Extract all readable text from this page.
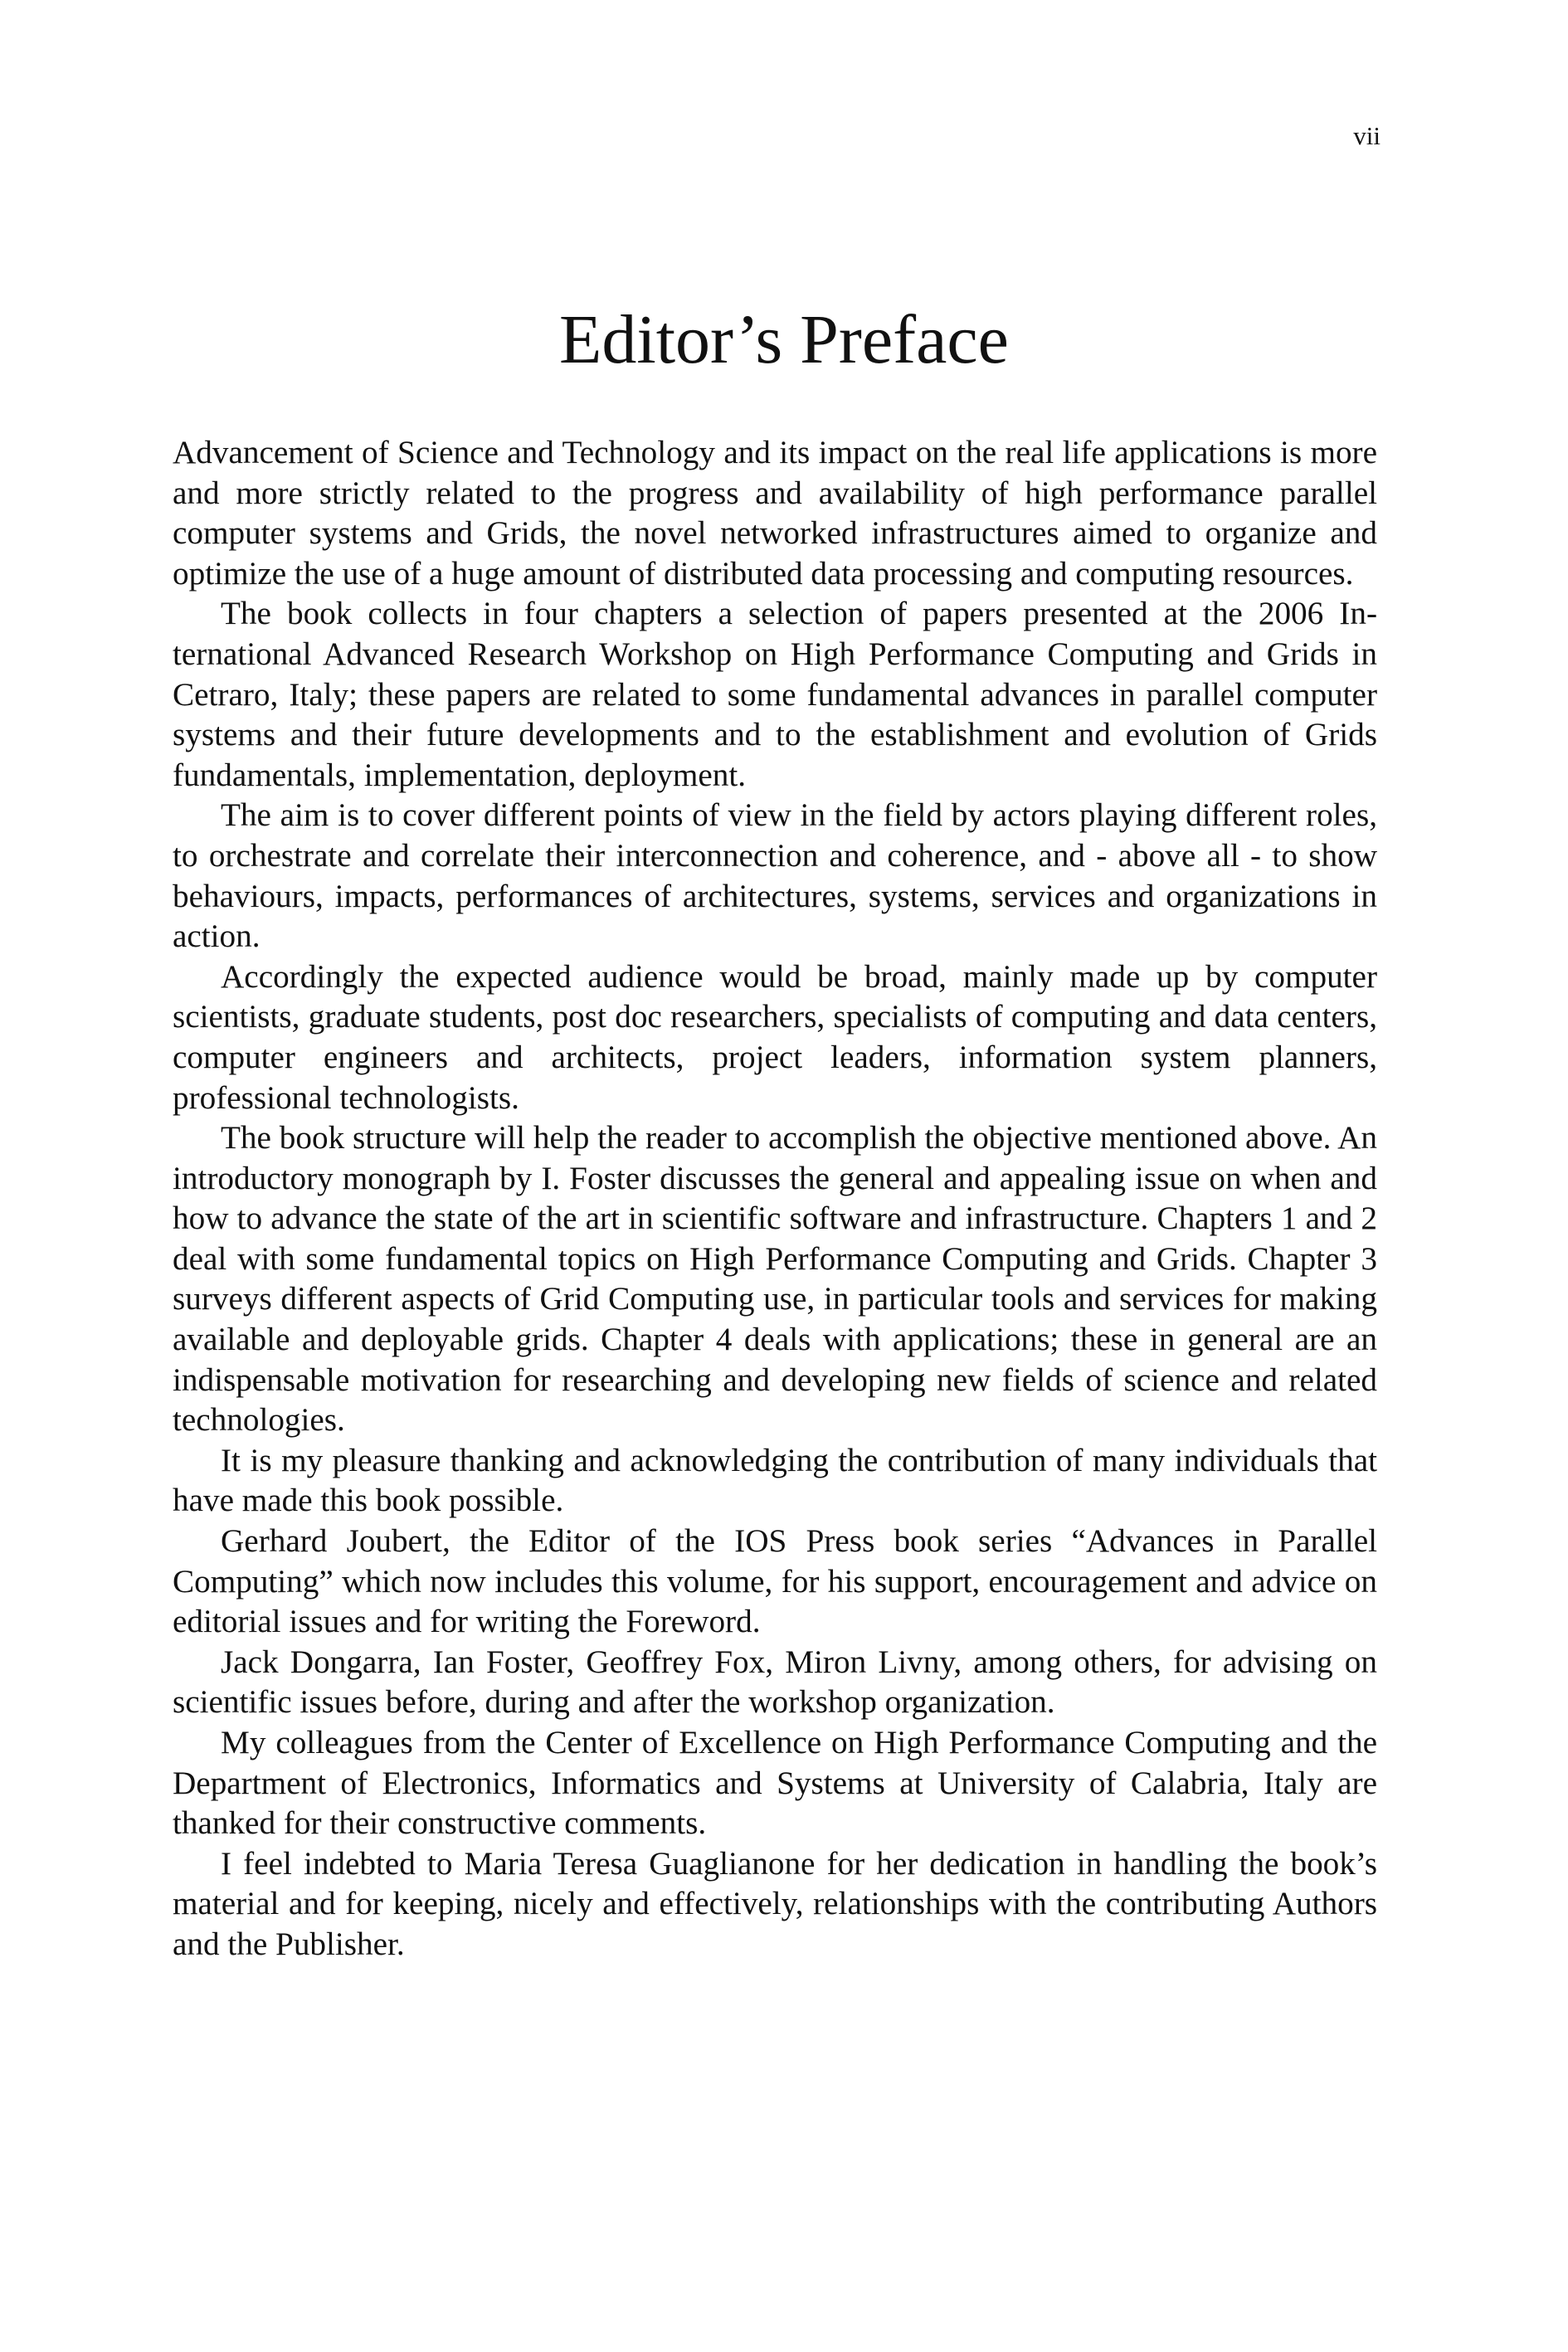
vii
Editor’s Preface

Advancement of Science and Technology and its impact on the real life applications is more and more strictly related to the progress and availability of high performance parallel computer systems and Grids, the novel networked infrastructures aimed to organize and optimize the use of a huge amount of distributed data processing and computing resources.

The book collects in four chapters a selection of papers presented at the 2006 International Advanced Research Workshop on High Performance Computing and Grids in Cetraro, Italy; these papers are related to some fundamental advances in parallel computer systems and their future developments and to the establishment and evolution of Grids fundamentals, implementation, deployment.

The aim is to cover different points of view in the field by actors playing different roles, to orchestrate and correlate their interconnection and coherence, and - above all - to show behaviours, impacts, performances of architectures, systems, services and organizations in action.

Accordingly the expected audience would be broad, mainly made up by computer scientists, graduate students, post doc researchers, specialists of computing and data centers, computer engineers and architects, project leaders, information system planners, professional technologists.

The book structure will help the reader to accomplish the objective mentioned above. An introductory monograph by I. Foster discusses the general and appealing issue on when and how to advance the state of the art in scientific software and infrastructure. Chapters 1 and 2 deal with some fundamental topics on High Performance Computing and Grids. Chapter 3 surveys different aspects of Grid Computing use, in particular tools and services for making available and deployable grids. Chapter 4 deals with applications; these in general are an indispensable motivation for researching and developing new fields of science and related technologies.

It is my pleasure thanking and acknowledging the contribution of many individuals that have made this book possible.

Gerhard Joubert, the Editor of the IOS Press book series “Advances in Parallel Computing” which now includes this volume, for his support, encouragement and advice on editorial issues and for writing the Foreword.

Jack Dongarra, Ian Foster, Geoffrey Fox, Miron Livny, among others, for advising on scientific issues before, during and after the workshop organization.

My colleagues from the Center of Excellence on High Performance Computing and the Department of Electronics, Informatics and Systems at University of Calabria, Italy are thanked for their constructive comments.

I feel indebted to Maria Teresa Guaglianone for her dedication in handling the book’s material and for keeping, nicely and effectively, relationships with the contributing Authors and the Publisher.
